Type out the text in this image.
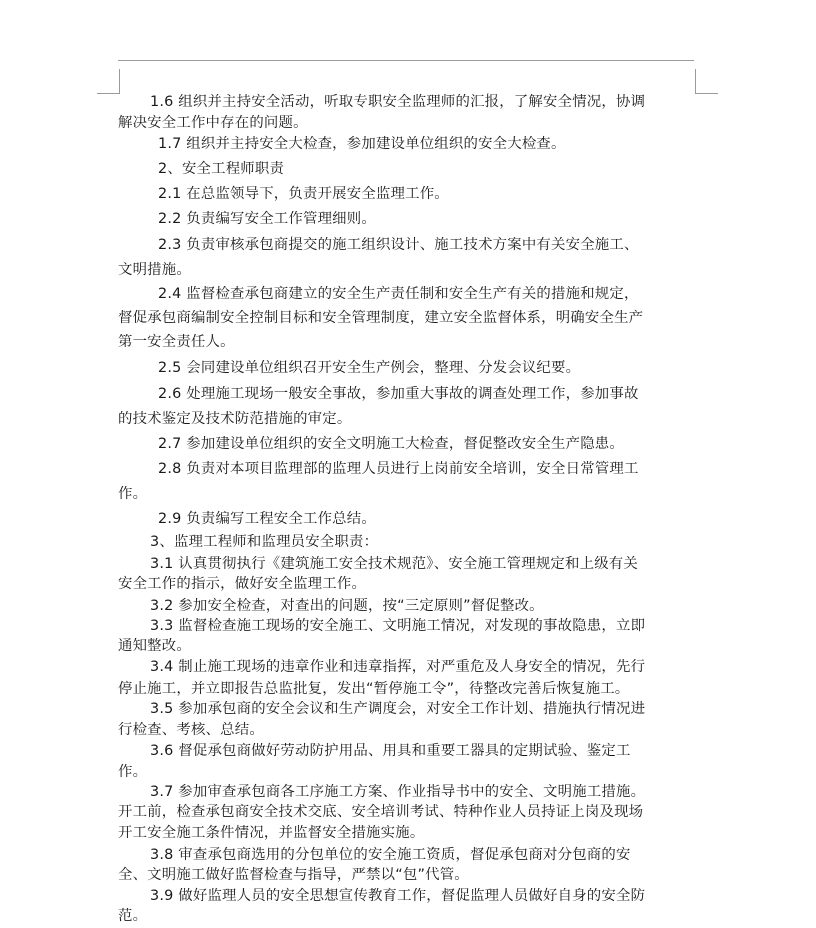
1.6 组织并主持安全活动，听取专职安全监理师的汇报，了解安全情况，协调
解决安全工作中存在的问题。
1.7 组织并主持安全大检查，参加建设单位组织的安全大检查。
2、安全工程师职责
2.1 在总监领导下，负责开展安全监理工作。
2.2 负责编写安全工作管理细则。
2.3 负责审核承包商提交的施工组织设计、施工技术方案中有关安全施工、
文明措施。
2.4 监督检查承包商建立的安全生产责任制和安全生产有关的措施和规定，
督促承包商编制安全控制目标和安全管理制度，建立安全监督体系，明确安全生产
第一安全责任人。
2.5 会同建设单位组织召开安全生产例会，整理、分发会议纪要。
2.6 处理施工现场一般安全事故，参加重大事故的调查处理工作，参加事故
的技术鉴定及技术防范措施的审定。
2.7 参加建设单位组织的安全文明施工大检查，督促整改安全生产隐患。
2.8 负责对本项目监理部的监理人员进行上岗前安全培训，安全日常管理工
作。
2.9 负责编写工程安全工作总结。
3、监理工程师和监理员安全职责：
3.1 认真贯彻执行《建筑施工安全技术规范》、安全施工管理规定和上级有关
安全工作的指示，做好安全监理工作。
3.2 参加安全检查，对查出的问题，按“三定原则”督促整改。
3.3 监督检查施工现场的安全施工、文明施工情况，对发现的事故隐患，立即
通知整改。
3.4 制止施工现场的违章作业和违章指挥，对严重危及人身安全的情况，先行
停止施工，并立即报告总监批复，发出“暂停施工令”，待整改完善后恢复施工。
3.5 参加承包商的安全会议和生产调度会，对安全工作计划、措施执行情况进
行检查、考核、总结。
3.6 督促承包商做好劳动防护用品、用具和重要工器具的定期试验、鉴定工
作。
3.7 参加审查承包商各工序施工方案、作业指导书中的安全、文明施工措施。
开工前，检查承包商安全技术交底、安全培训考试、特种作业人员持证上岗及现场
开工安全施工条件情况，并监督安全措施实施。
3.8 审查承包商选用的分包单位的安全施工资质，督促承包商对分包商的安
全、文明施工做好监督检查与指导，严禁以“包”代管。
3.9 做好监理人员的安全思想宣传教育工作，督促监理人员做好自身的安全防
范。
